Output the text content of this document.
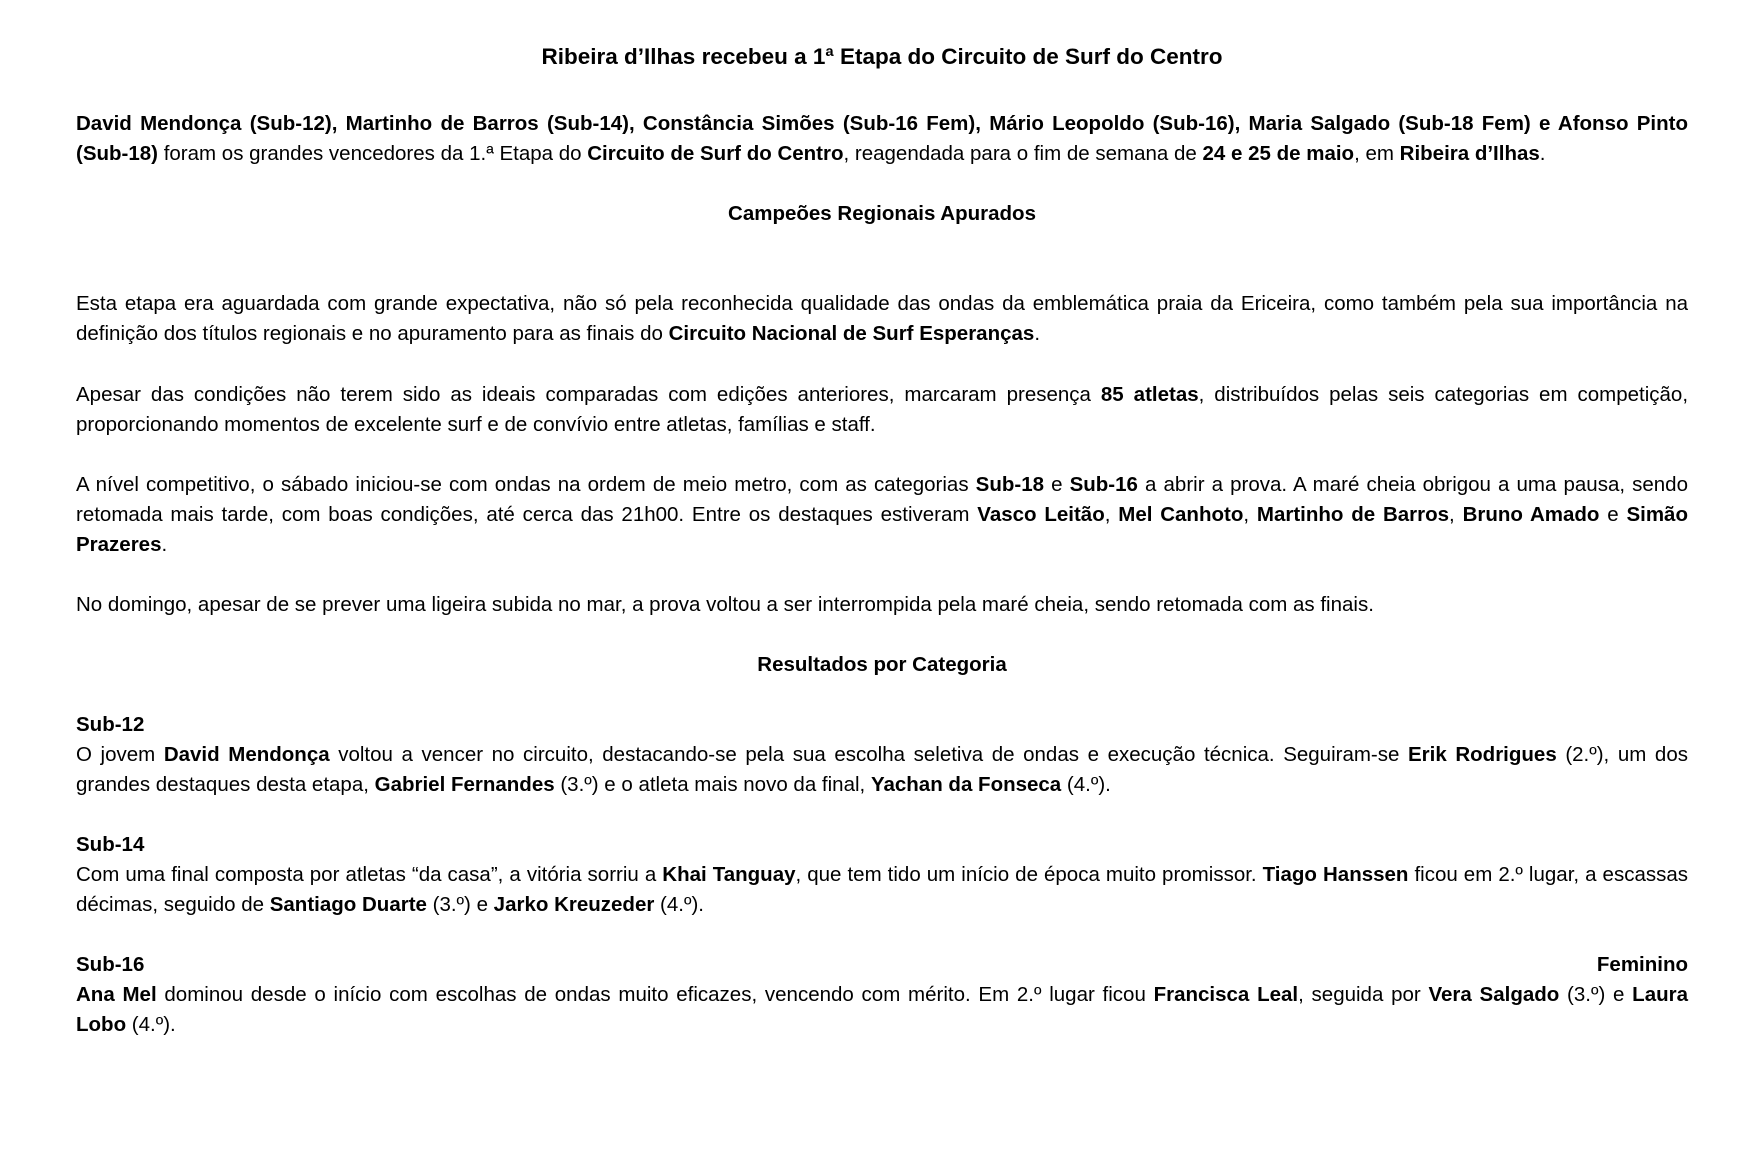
Ribeira d’Ilhas recebeu a 1ª Etapa do Circuito de Surf do Centro

David Mendonça (Sub-12), Martinho de Barros (Sub-14), Constância Simões (Sub-16 Fem), Mário Leopoldo (Sub-16), Maria Salgado (Sub-18 Fem) e Afonso Pinto (Sub-18) foram os grandes vencedores da 1.ª Etapa do Circuito de Surf do Centro, reagendada para o fim de semana de 24 e 25 de maio, em Ribeira d’Ilhas.

Campeões Regionais Apurados

Esta etapa era aguardada com grande expectativa, não só pela reconhecida qualidade das ondas da emblemática praia da Ericeira, como também pela sua importância na definição dos títulos regionais e no apuramento para as finais do Circuito Nacional de Surf Esperanças.

Apesar das condições não terem sido as ideais comparadas com edições anteriores, marcaram presença 85 atletas, distribuídos pelas seis categorias em competição, proporcionando momentos de excelente surf e de convívio entre atletas, famílias e staff.

A nível competitivo, o sábado iniciou-se com ondas na ordem de meio metro, com as categorias Sub-18 e Sub-16 a abrir a prova. A maré cheia obrigou a uma pausa, sendo retomada mais tarde, com boas condições, até cerca das 21h00. Entre os destaques estiveram Vasco Leitão, Mel Canhoto, Martinho de Barros, Bruno Amado e Simão Prazeres.

No domingo, apesar de se prever uma ligeira subida no mar, a prova voltou a ser interrompida pela maré cheia, sendo retomada com as finais.

Resultados por Categoria

Sub-12

O jovem David Mendonça voltou a vencer no circuito, destacando-se pela sua escolha seletiva de ondas e execução técnica. Seguiram-se Erik Rodrigues (2.º), um dos grandes destaques desta etapa, Gabriel Fernandes (3.º) e o atleta mais novo da final, Yachan da Fonseca (4.º).

Sub-14

Com uma final composta por atletas “da casa”, a vitória sorriu a Khai Tanguay, que tem tido um início de época muito promissor. Tiago Hanssen ficou em 2.º lugar, a escassas décimas, seguido de Santiago Duarte (3.º) e Jarko Kreuzeder (4.º).

Sub-16	Feminino

Ana Mel dominou desde o início com escolhas de ondas muito eficazes, vencendo com mérito. Em 2.º lugar ficou Francisca Leal, seguida por Vera Salgado (3.º) e Laura Lobo (4.º).
